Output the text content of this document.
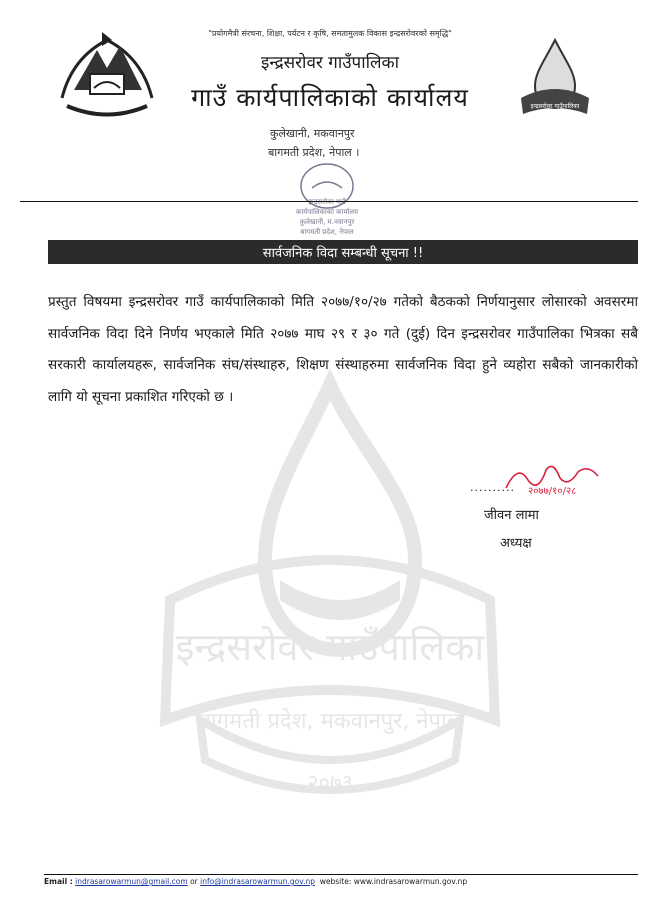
इन्द्रसरोवर गाउँपालिका
बागमती प्रदेश, मकवानपुर, नेपाल
२०७३
इन्द्रसरोवर गाउँपालिका
"प्रयोगमैत्री संरचना, शिक्षा, पर्यटन र कृषि, समतामुलक विकास इन्द्रसरोवरको समृद्धि"
इन्द्रसरोवर गाउँपालिका
गाउँ कार्यपालिकाको कार्यालय
कुलेखानी, मकवानपुर
बागमती प्रदेश, नेपाल ।
इन्द्रसरोवर गाउँ
कार्यपालिकाको कार्यालय
कुलेखानी, म.नवानपुर
बागमती प्रदेश, नेपाल
सार्वजनिक विदा सम्बन्धी सूचना !!
प्रस्तुत विषयमा इन्द्रसरोवर गाउँ कार्यपालिकाको मिति २०७७/१०/२७ गतेको बैठकको निर्णयानुसार लोसारको अवसरमा सार्वजनिक विदा दिने निर्णय भएकाले मिति २०७७ माघ २९ र ३० गते (दुई) दिन इन्द्रसरोवर गाउँपालिका भित्रका सबै सरकारी कार्यालयहरू, सार्वजनिक संघ/संस्थाहरु, शिक्षण संस्थाहरुमा सार्वजनिक विदा हुने व्यहोरा सबैको जानकारीको लागि यो सूचना प्रकाशित गरिएको छ ।
२०७७/१०/२८
..........
जीवन लामा
अध्यक्ष
Email : indrasarowarmun@gmail.com or info@indrasarowarmun.gov.np website: www.indrasarowarmun.gov.np
